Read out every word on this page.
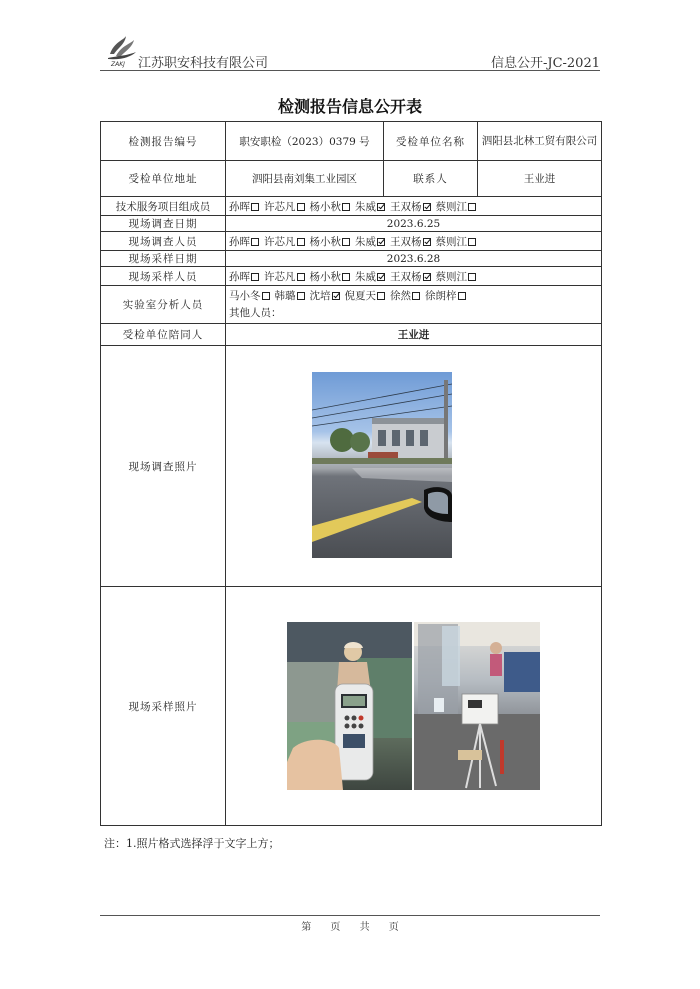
ZAKJ 江苏职安科技有限公司	信息公开-JC-2021
检测报告信息公开表
检测报告编号	职安职检（2023）0379 号	受检单位名称	泗阳县北林工贸有限公司
受检单位地址	泗阳县南刘集工业园区	联系人	王业进
技术服务项目组成员	孙晖 许芯凡 杨小秋 朱威 王双杨 蔡则江		
现场调查日期	2023.6.25		
现场调查人员	孙晖 许芯凡 杨小秋 朱威 王双杨 蔡则江		
现场采样日期	2023.6.28		
现场采样人员	孙晖 许芯凡 杨小秋 朱威 王双杨 蔡则江		
实验室分析人员	马小冬 韩璐 沈培 倪夏天 徐然 徐朗梓
其他人员：		

受检单位陪同人	王业进		
现场调查照片	

现场采样照片	
注：1.照片格式选择浮于文字上方；
第 页 共 页
